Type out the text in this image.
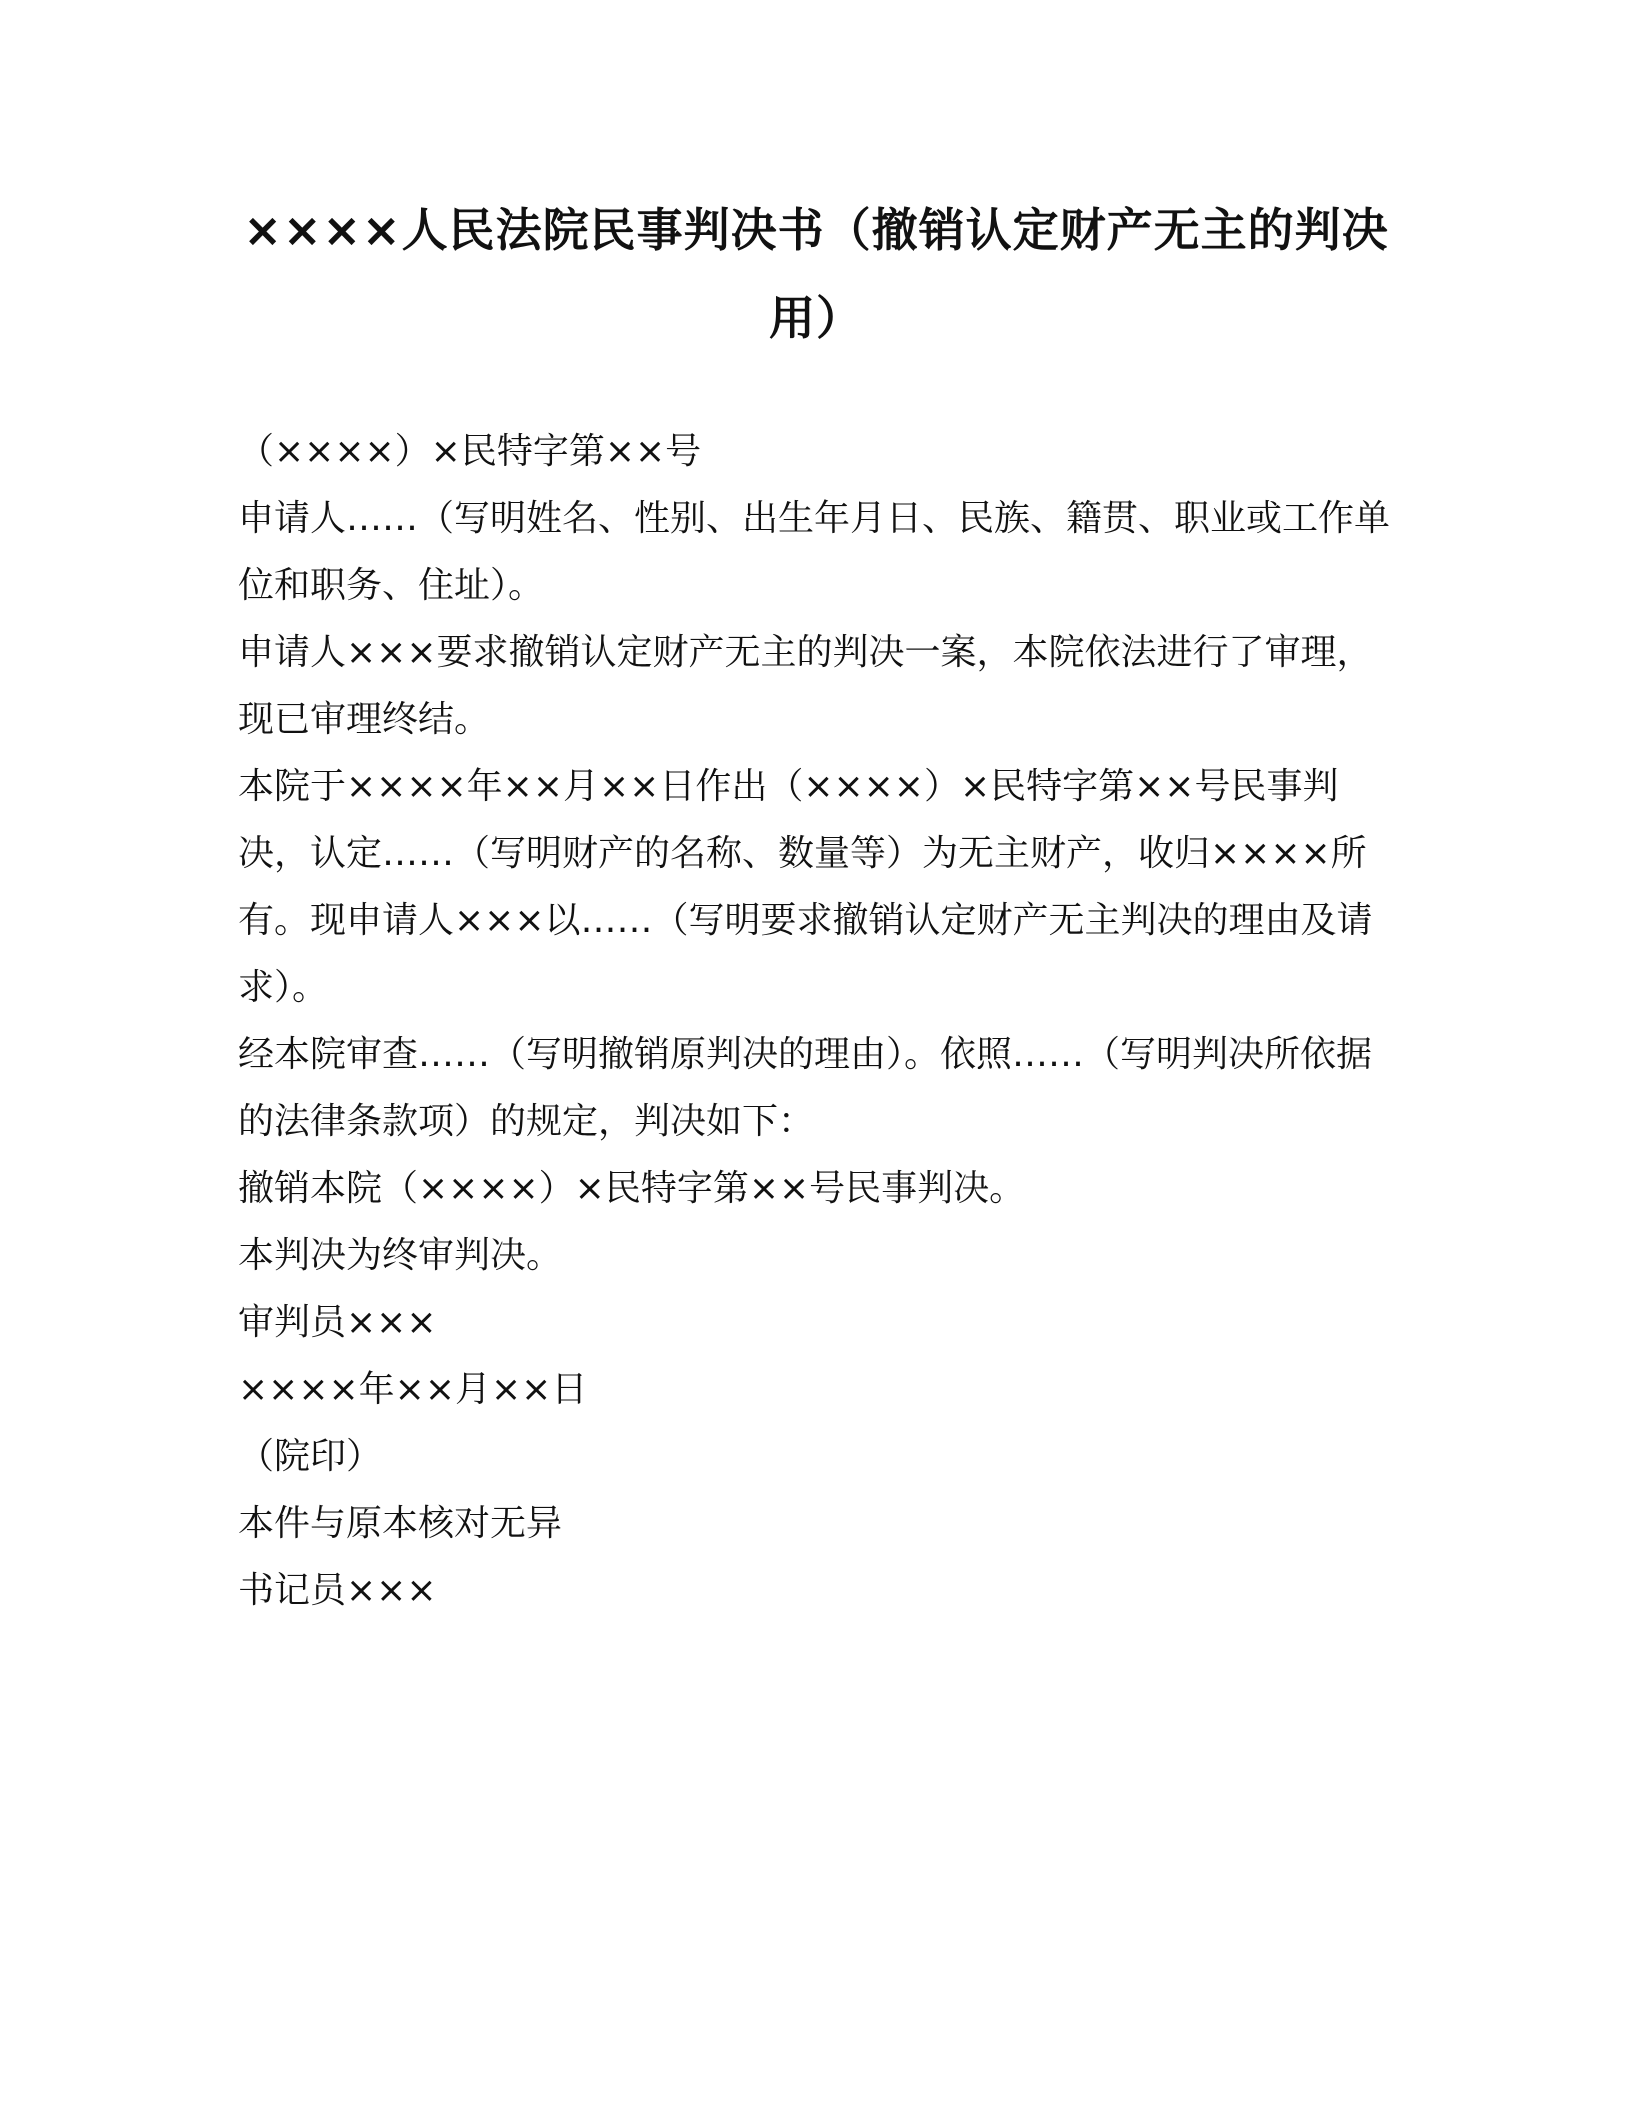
××××人民法院民事判决书（撤销认定财产无主的判决用）

（××××）×民特字第××号

申请人……（写明姓名、性别、出生年月日、民族、籍贯、职业或工作单位和职务、住址）。

申请人×××要求撤销认定财产无主的判决一案，本院依法进行了审理，现已审理终结。

本院于××××年××月××日作出（××××）×民特字第××号民事判决，认定……（写明财产的名称、数量等）为无主财产，收归××××所有。现申请人×××以……（写明要求撤销认定财产无主判决的理由及请求）。

经本院审查……（写明撤销原判决的理由）。依照……（写明判决所依据的法律条款项）的规定，判决如下：

撤销本院（××××）×民特字第××号民事判决。

本判决为终审判决。

审判员×××

××××年××月××日

（院印）

本件与原本核对无异

书记员×××
